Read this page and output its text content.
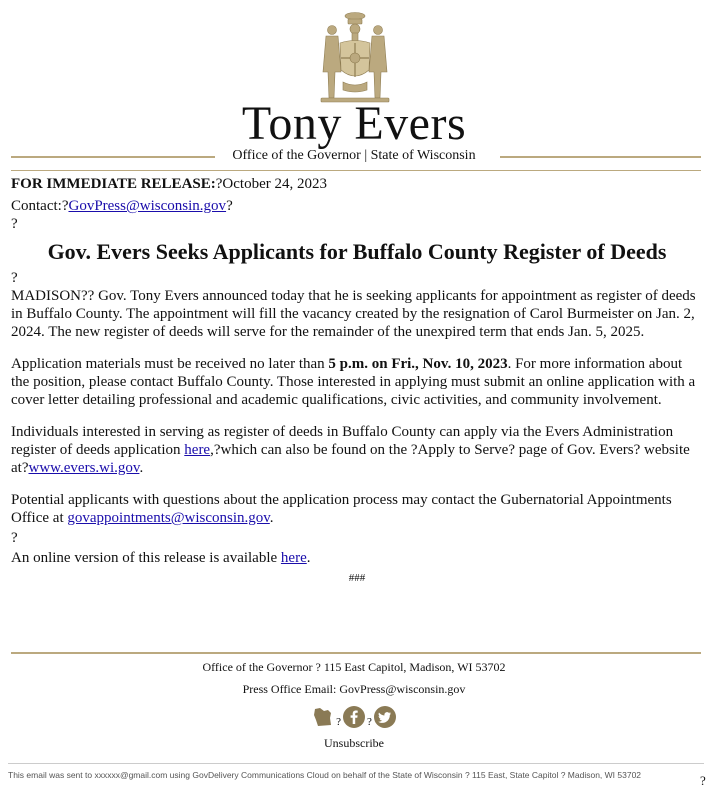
Tony Evers
Office of the Governor | State of Wisconsin

FOR IMMEDIATE RELEASE:?October 24, 2023

Contact:?GovPress@wisconsin.gov?

?

Gov. Evers Seeks Applicants for Buffalo County Register of Deeds

?

MADISON?? Gov. Tony Evers announced today that he is seeking applicants for appointment as register of deeds in Buffalo County. The appointment will fill the vacancy created by the resignation of Carol Burmeister on Jan. 2, 2024. The new register of deeds will serve for the remainder of the unexpired term that ends Jan. 5, 2025.

Application materials must be received no later than 5 p.m. on Fri., Nov. 10, 2023. For more information about the position, please contact Buffalo County. Those interested in applying must submit an online application with a cover letter detailing professional and academic qualifications, civic activities, and community involvement.

Individuals interested in serving as register of deeds in Buffalo County can apply via the Evers Administration register of deeds application here,?which can also be found on the ?Apply to Serve? page of Gov. Evers? website at?www.evers.wi.gov.

Potential applicants with questions about the application process may contact the Gubernatorial Appointments Office at govappointments@wisconsin.gov.

?

An online version of this release is available here.

###

Office of the Governor ? 115 East Capitol, Madison, WI 53702

Press Office Email: GovPress@wisconsin.gov

? ?
Unsubscribe
This email was sent to xxxxxx@gmail.com using GovDelivery Communications Cloud on behalf of the State of Wisconsin ? 115 East, State Capitol ? Madison, WI 53702	?
